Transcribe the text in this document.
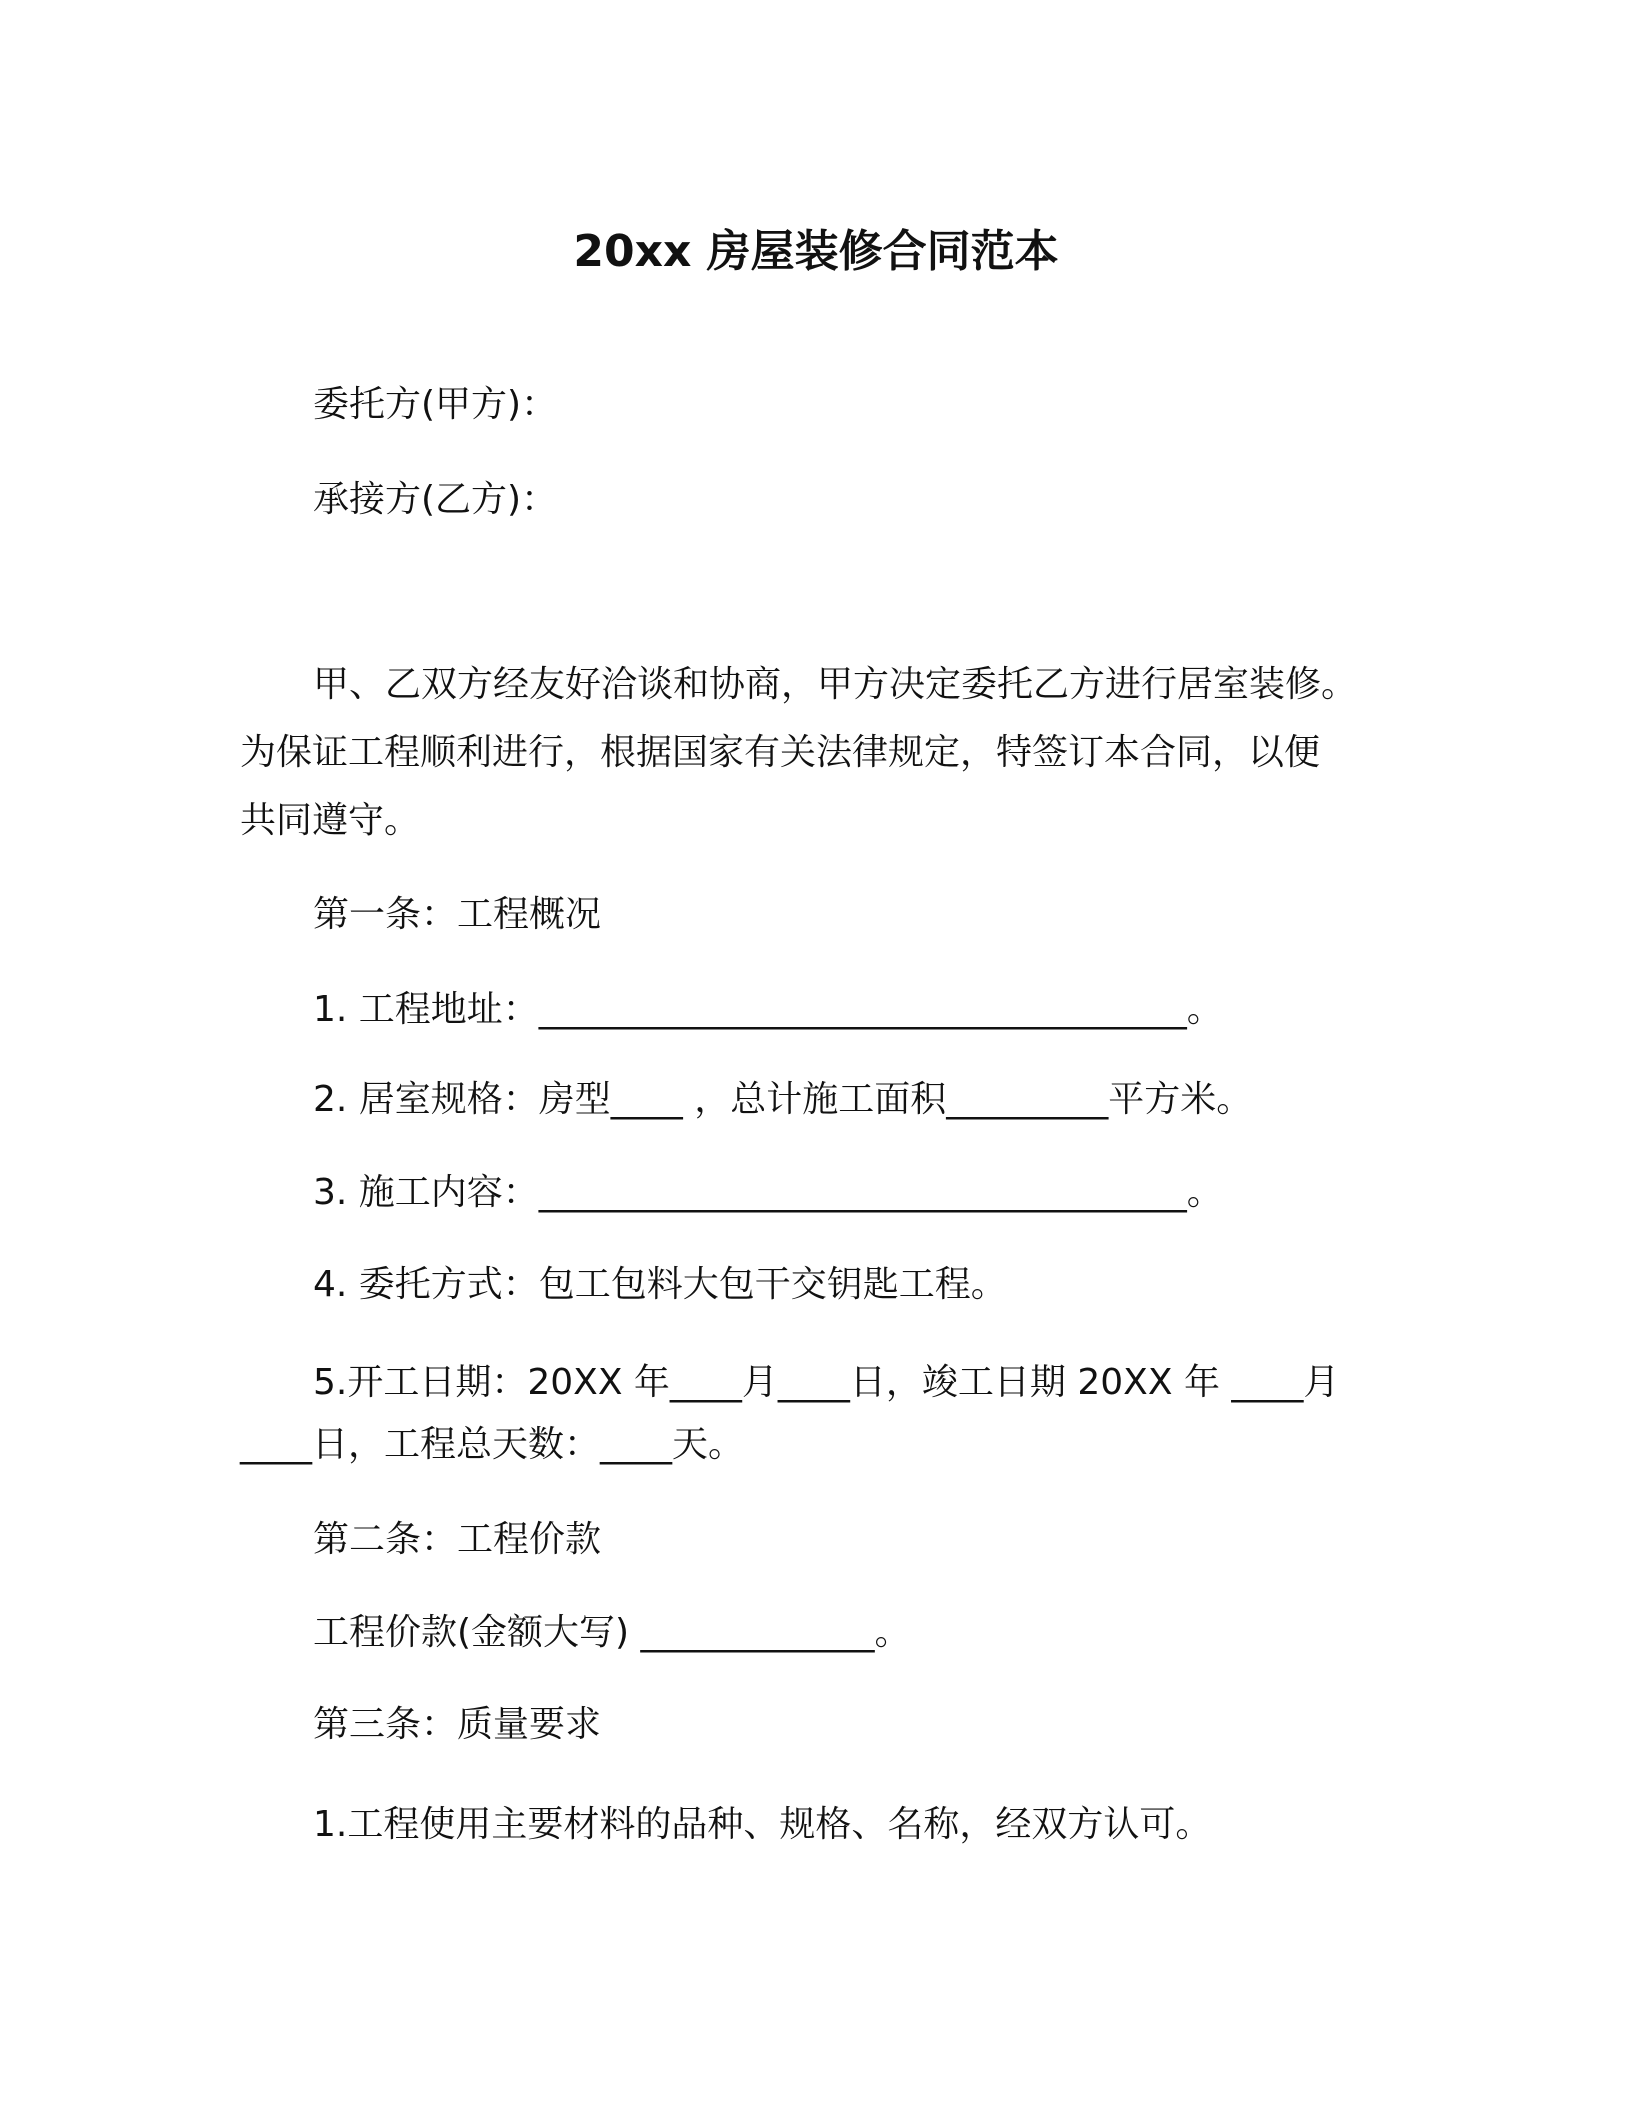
20xx 房屋装修合同范本
委托方(甲方)：
承接方(乙方)：
甲、乙双方经友好洽谈和协商，甲方决定委托乙方进行居室装修。
为保证工程顺利进行，根据国家有关法律规定，特签订本合同，以便
共同遵守。
第一条：工程概况
1. 工程地址：____________________________________。
2. 居室规格：房型____ ，总计施工面积_________平方米。
3. 施工内容：____________________________________。
4. 委托方式：包工包料大包干交钥匙工程。
5.开工日期：20XX 年____月____日，竣工日期 20XX 年 ____月
____日，工程总天数：____天。
第二条：工程价款
工程价款(金额大写) _____________。
第三条：质量要求
1.工程使用主要材料的品种、规格、名称，经双方认可。
